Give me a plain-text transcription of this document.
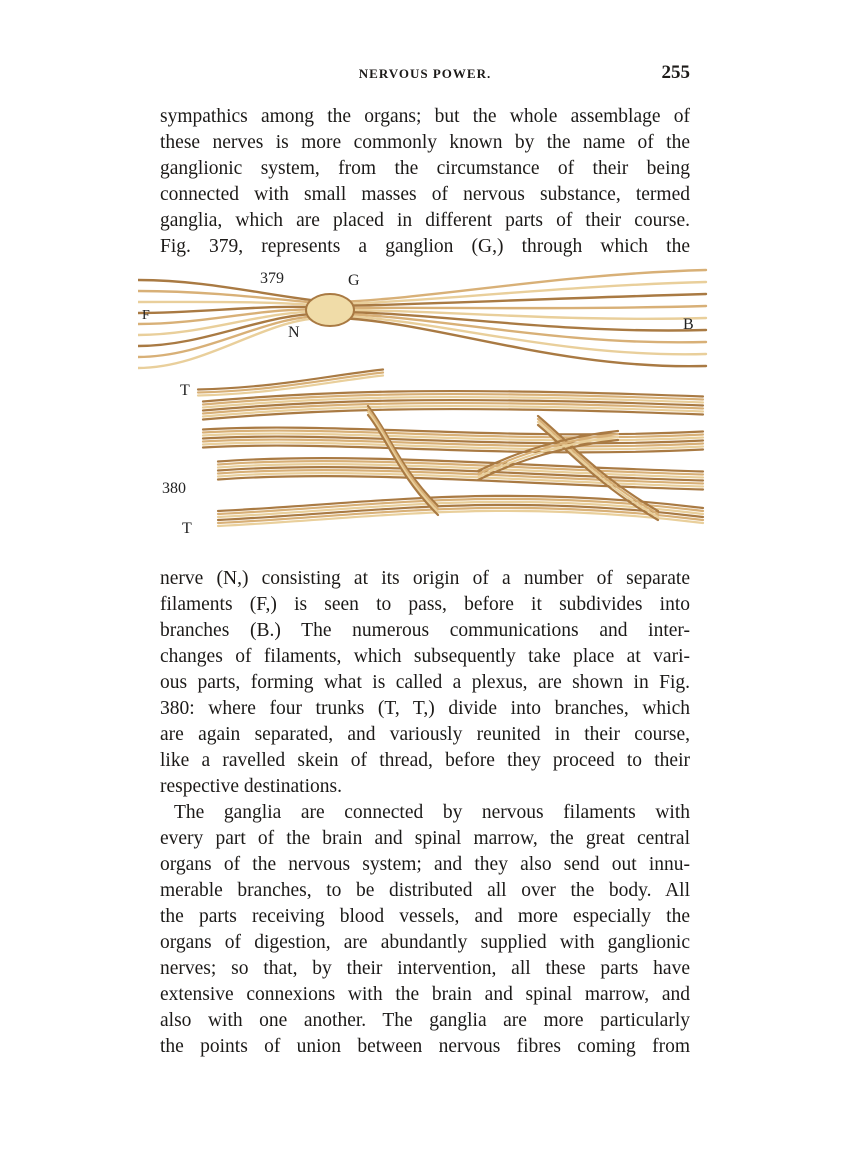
NERVOUS POWER.	255
sympathics among the organs; but the whole assemblage of
these nerves is more commonly known by the name of the
ganglionic system, from the circumstance of their being
connected with small masses of nervous substance, termed
ganglia, which are placed in different parts of their course.
Fig. 379, represents a ganglion (G,) through which the
379	G
F
N	B
T
380
T
nerve (N,) consisting at its origin of a number of separate
filaments (F,) is seen to pass, before it subdivides into
branches (B.) The numerous communications and inter-
changes of filaments, which subsequently take place at vari-
ous parts, forming what is called a plexus, are shown in Fig.
380: where four trunks (T, T,) divide into branches, which
are again separated, and variously reunited in their course,
like a ravelled skein of thread, before they proceed to their
respective destinations.
The ganglia are connected by nervous filaments with
every part of the brain and spinal marrow, the great central
organs of the nervous system; and they also send out innu-
merable branches, to be distributed all over the body. All
the parts receiving blood vessels, and more especially the
organs of digestion, are abundantly supplied with ganglionic
nerves; so that, by their intervention, all these parts have
extensive connexions with the brain and spinal marrow, and
also with one another. The ganglia are more particularly
the points of union between nervous fibres coming from
